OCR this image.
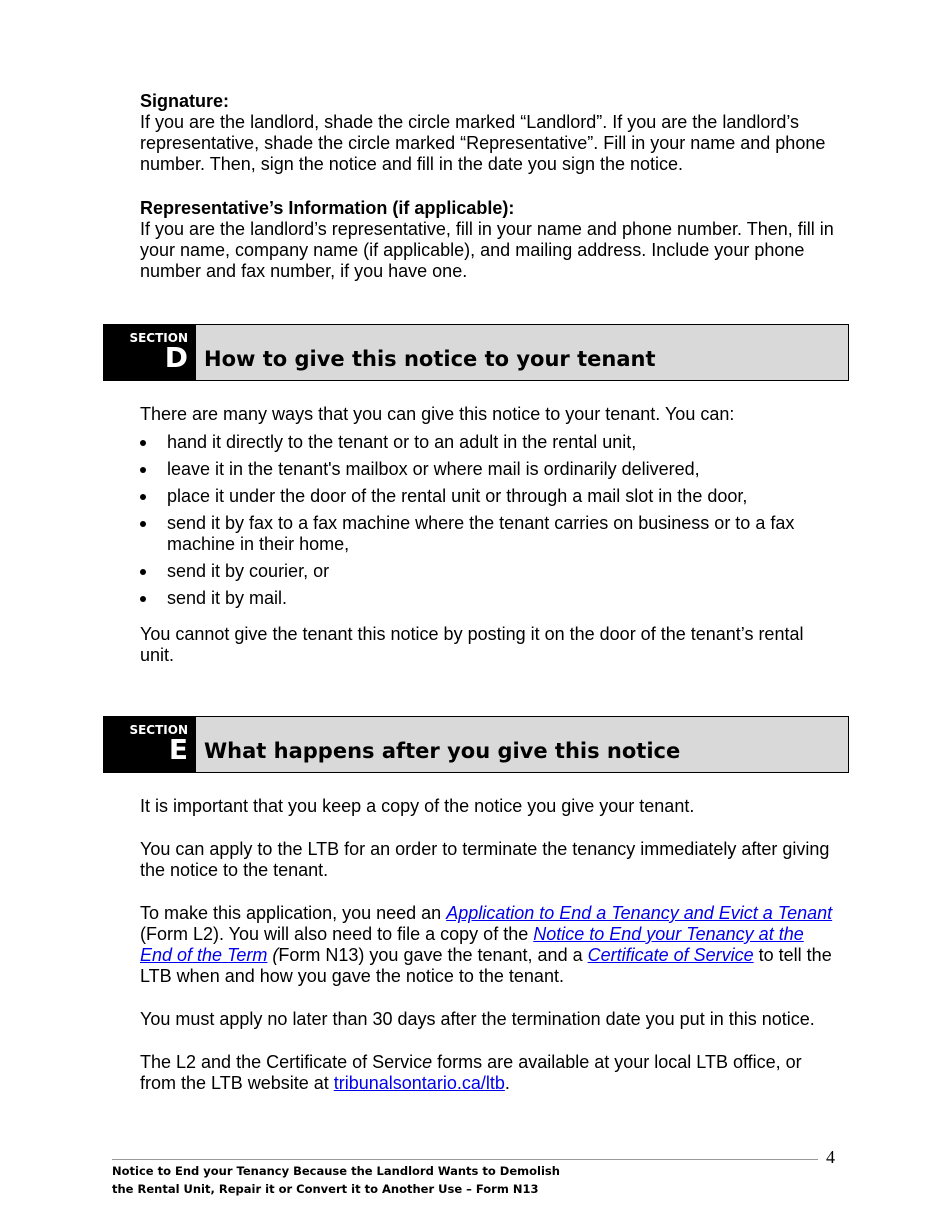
Signature:

If you are the landlord, shade the circle marked “Landlord”. If you are the landlord’s representative, shade the circle marked “Representative”. Fill in your name and phone number. Then, sign the notice and fill in the date you sign the notice.

Representative’s Information (if applicable):

If you are the landlord’s representative, fill in your name and phone number. Then, fill in your name, company name (if applicable), and mailing address. Include your phone number and fax number, if you have one.

SECTION
D How to give this notice to your tenant

There are many ways that you can give this notice to your tenant. You can:

hand it directly to the tenant or to an adult in the rental unit,
leave it in the tenant's mailbox or where mail is ordinarily delivered,
place it under the door of the rental unit or through a mail slot in the door,
send it by fax to a fax machine where the tenant carries on business or to a fax machine in their home,
send it by courier, or
send it by mail.

You cannot give the tenant this notice by posting it on the door of the tenant’s rental unit.

SECTION
E What happens after you give this notice

It is important that you keep a copy of the notice you give your tenant.

You can apply to the LTB for an order to terminate the tenancy immediately after giving the notice to the tenant.

To make this application, you need an Application to End a Tenancy and Evict a Tenant (Form L2). You will also need to file a copy of the Notice to End your Tenancy at the End of the Term (Form N13) you gave the tenant, and a Certificate of Service to tell the LTB when and how you gave the notice to the tenant.

You must apply no later than 30 days after the termination date you put in this notice.

The L2 and the Certificate of Service forms are available at your local LTB office, or from the LTB website at tribunalsontario.ca/ltb.

4
Notice to End your Tenancy Because the Landlord Wants to Demolish
the Rental Unit, Repair it or Convert it to Another Use – Form N13
